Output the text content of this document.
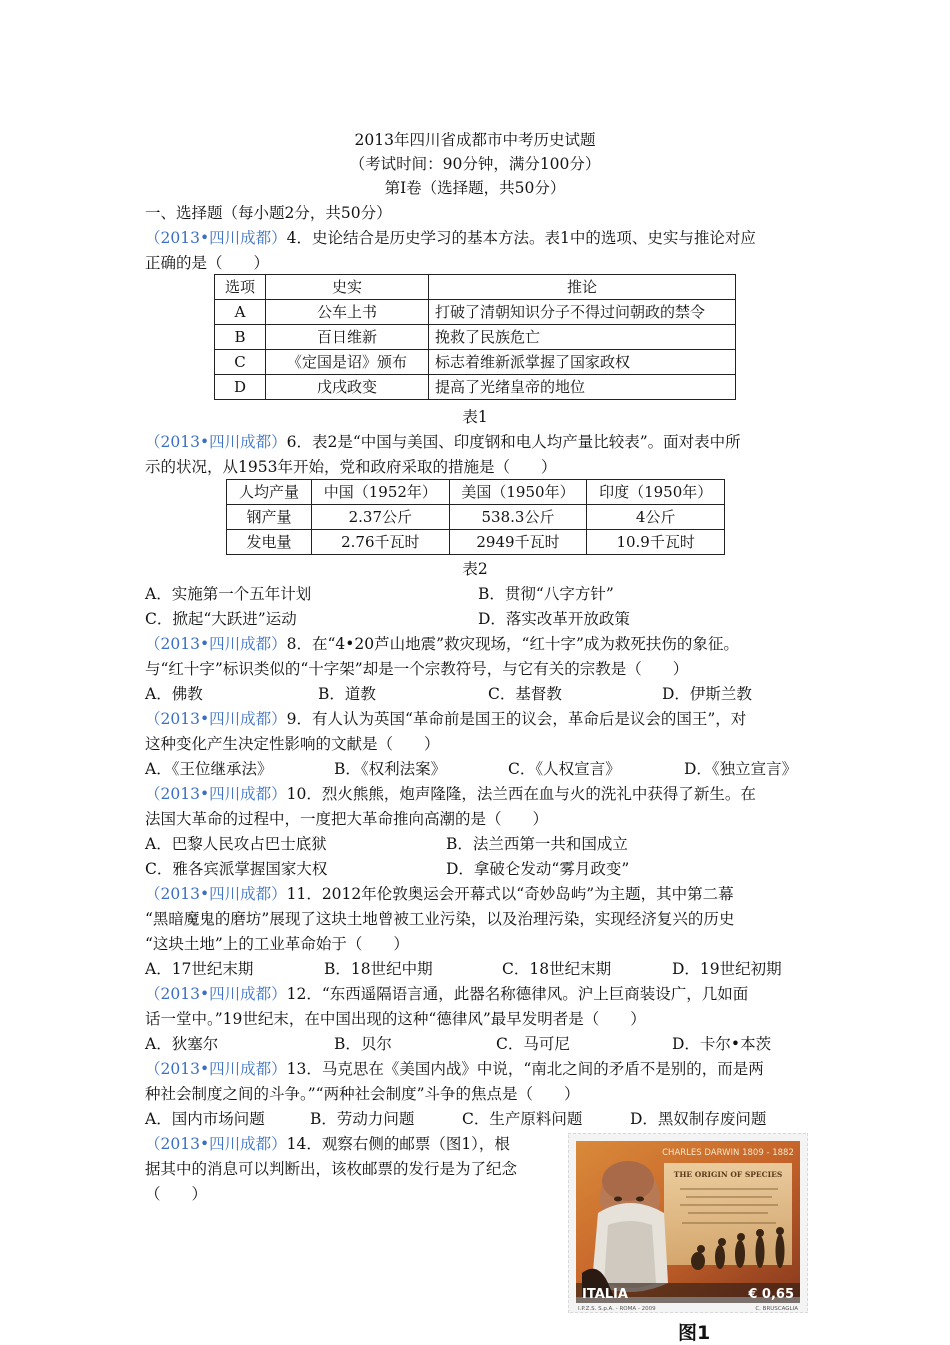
2013年四川省成都市中考历史试题
（考试时间：90分钟，满分100分）
第Ⅰ卷（选择题，共50分）
一、选择题（每小题2分，共50分）
（2013•四川成都）4．史论结合是历史学习的基本方法。表1中的选项、史实与推论对应
正确的是（　　）
选项	史实	推论
A	公车上书	打破了清朝知识分子不得过问朝政的禁令
B	百日维新	挽救了民族危亡
C	《定国是诏》颁布	标志着维新派掌握了国家政权
D	戊戌政变	提高了光绪皇帝的地位
表1
（2013•四川成都）6．表2是“中国与美国、印度钢和电人均产量比较表”。面对表中所
示的状况，从1953年开始，党和政府采取的措施是（　　）
人均产量	中国（1952年）	美国（1950年）	印度（1950年）
钢产量	2.37公斤	538.3公斤	4公斤
发电量	2.76千瓦时	2949千瓦时	10.9千瓦时
表2
A．实施第一个五年计划	B．贯彻“八字方针”
C．掀起“大跃进”运动	D．落实改革开放政策
（2013•四川成都）8．在“4•20芦山地震”救灾现场，“红十字”成为救死扶伤的象征。
与“红十字”标识类似的“十字架”却是一个宗教符号，与它有关的宗教是（　　）
A．佛教	B．道教	C．基督教	D．伊斯兰教
（2013•四川成都）9．有人认为英国“革命前是国王的议会，革命后是议会的国王”，对
这种变化产生决定性影响的文献是（　　）
A．《王位继承法》	B．《权利法案》	C．《人权宣言》	D．《独立宣言》
（2013•四川成都）10．烈火熊熊，炮声隆隆，法兰西在血与火的洗礼中获得了新生。在
法国大革命的过程中，一度把大革命推向高潮的是（　　）
A．巴黎人民攻占巴士底狱	B．法兰西第一共和国成立
C．雅各宾派掌握国家大权	D．拿破仑发动“雾月政变”
（2013•四川成都）11．2012年伦敦奥运会开幕式以“奇妙岛屿”为主题，其中第二幕
“黑暗魔鬼的磨坊”展现了这块土地曾被工业污染，以及治理污染，实现经济复兴的历史
“这块土地”上的工业革命始于（　　）
A．17世纪末期	B．18世纪中期	C．18世纪末期	D．19世纪初期
（2013•四川成都）12．“东西遥隔语言通，此器名称德律风。沪上巨商装设广，几如面
话一堂中。”19世纪末，在中国出现的这种“德律风”最早发明者是（　　）
A．狄塞尔	B．贝尔	C．马可尼	D．卡尔•本茨
（2013•四川成都）13．马克思在《美国内战》中说，“南北之间的矛盾不是别的，而是两
种社会制度之间的斗争。”“两种社会制度”斗争的焦点是（　　）
A．国内市场问题	B．劳动力问题	C．生产原料问题	D．黑奴制存废问题
（2013•四川成都）14．观察右侧的邮票（图1），根
据其中的消息可以判断出，该枚邮票的发行是为了纪念
（　　）
CHARLES DARWIN 1809 - 1882
THE ORIGIN OF SPECIES
ITALIA	€ 0,65
I.P.Z.S. S.p.A. - ROMA - 2009	C. BRUSCAGLIA
图1
